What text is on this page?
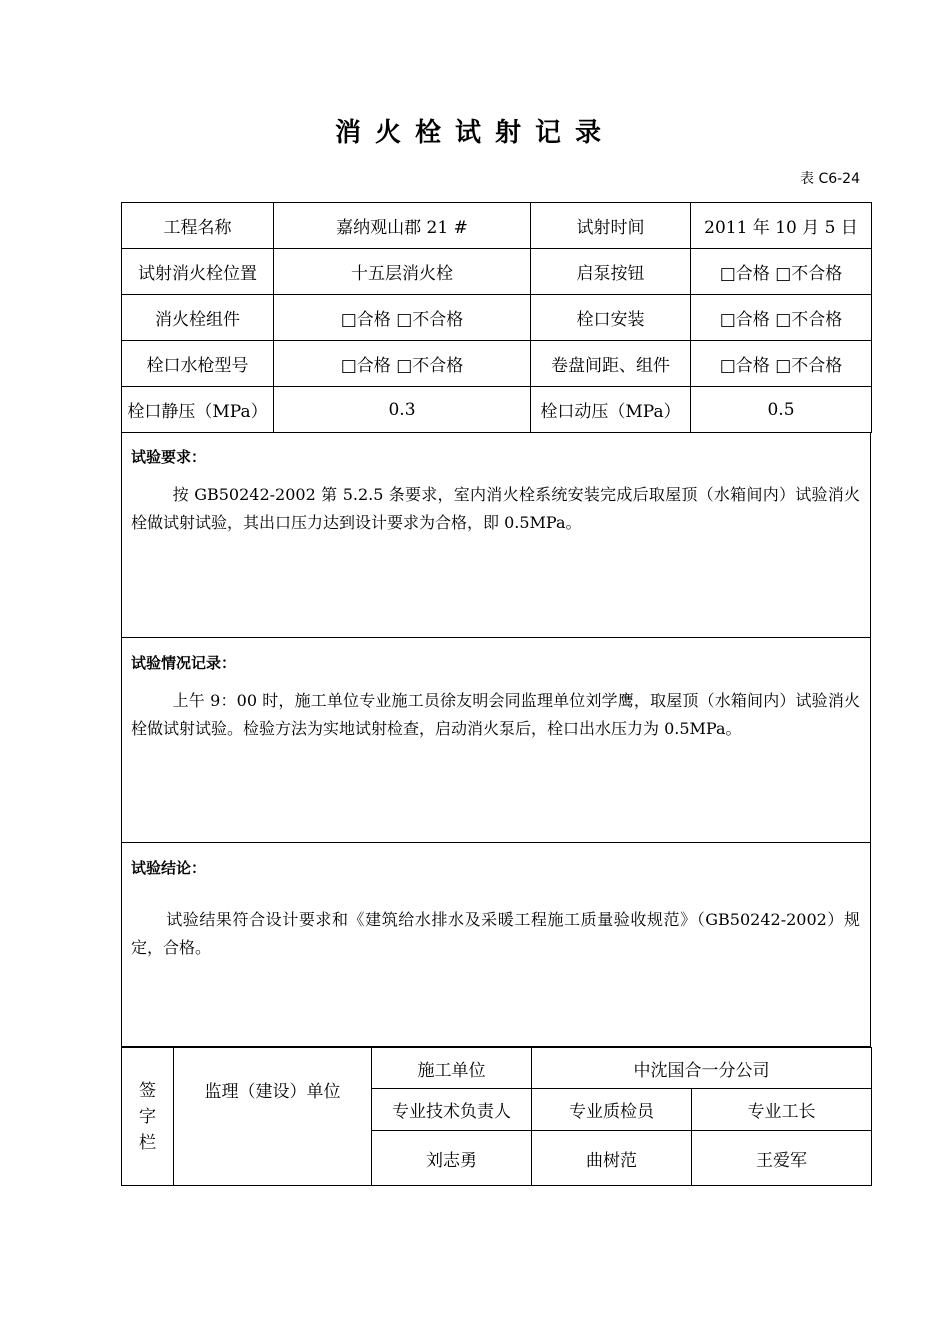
消火栓试射记录
表 C6-24
工程名称	嘉纳观山郡 21 #	试射时间	2011 年 10 月 5 日
试射消火栓位置	十五层消火栓	启泵按钮	□合格 □不合格
消火栓组件	□合格 □不合格	栓口安装	□合格 □不合格
栓口水枪型号	□合格 □不合格	卷盘间距、组件	□合格 □不合格
栓口静压（MPa）	0.3	栓口动压（MPa）	0.5
试验要求：
按 GB50242-2002 第 5.2.5 条要求，室内消火栓系统安装完成后取屋顶（水箱间内）试验消火栓做试射试验，其出口压力达到设计要求为合格，即 0.5MPa。
试验情况记录：
上午 9：00 时，施工单位专业施工员徐友明会同监理单位刘学鹰，取屋顶（水箱间内）试验消火栓做试射试验。检验方法为实地试射检查，启动消火泵后，栓口出水压力为 0.5MPa。
试验结论：
试验结果符合设计要求和《建筑给水排水及采暖工程施工质量验收规范》（GB50242-2002）规定，合格。
签字栏	监理（建设）单位	施工单位	中沈国合一分公司	
		专业技术负责人	专业质检员	专业工长
		刘志勇	曲树范	王爱军
